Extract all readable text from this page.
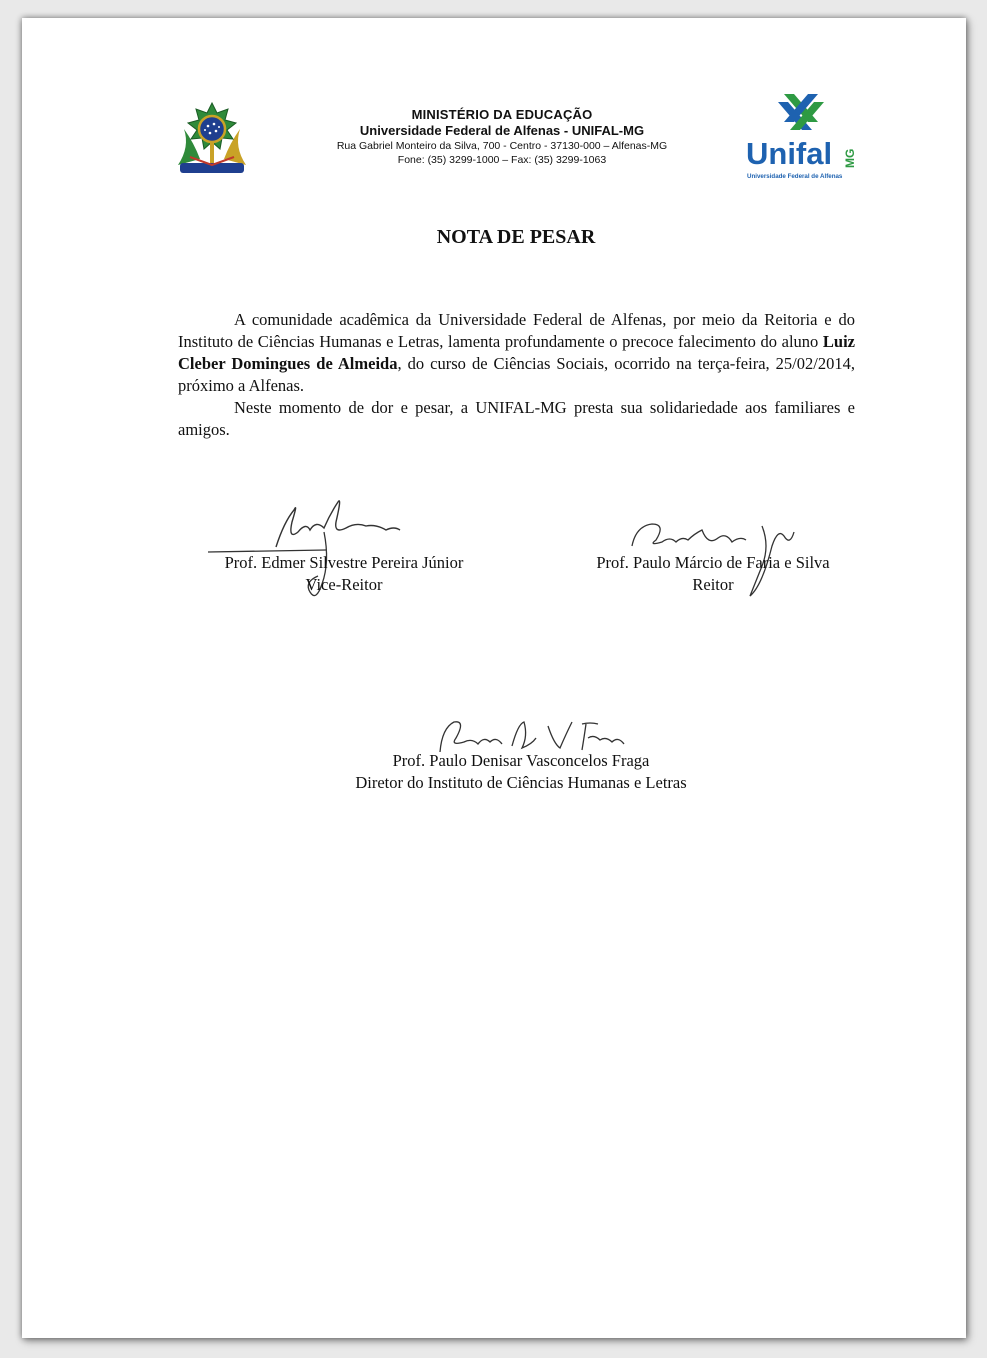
MINISTÉRIO DA EDUCAÇÃO
Universidade Federal de Alfenas - UNIFAL-MG
Rua Gabriel Monteiro da Silva, 700 - Centro - 37130-000 – Alfenas-MG
Fone: (35) 3299-1000 – Fax: (35) 3299-1063	Unifal MG
Universidade Federal de Alfenas
NOTA DE PESAR

A comunidade acadêmica da Universidade Federal de Alfenas, por meio da Reitoria e do Instituto de Ciências Humanas e Letras, lamenta profundamente o precoce falecimento do aluno Luiz Cleber Domingues de Almeida, do curso de Ciências Sociais, ocorrido na terça-feira, 25/02/2014, próximo a Alfenas.

Neste momento de dor e pesar, a UNIFAL-MG presta sua solidariedade aos familiares e amigos.

Prof. Edmer Silvestre Pereira Júnior
Vice-Reitor
Prof. Paulo Márcio de Faria e Silva
Reitor
Prof. Paulo Denisar Vasconcelos Fraga
Diretor do Instituto de Ciências Humanas e Letras
